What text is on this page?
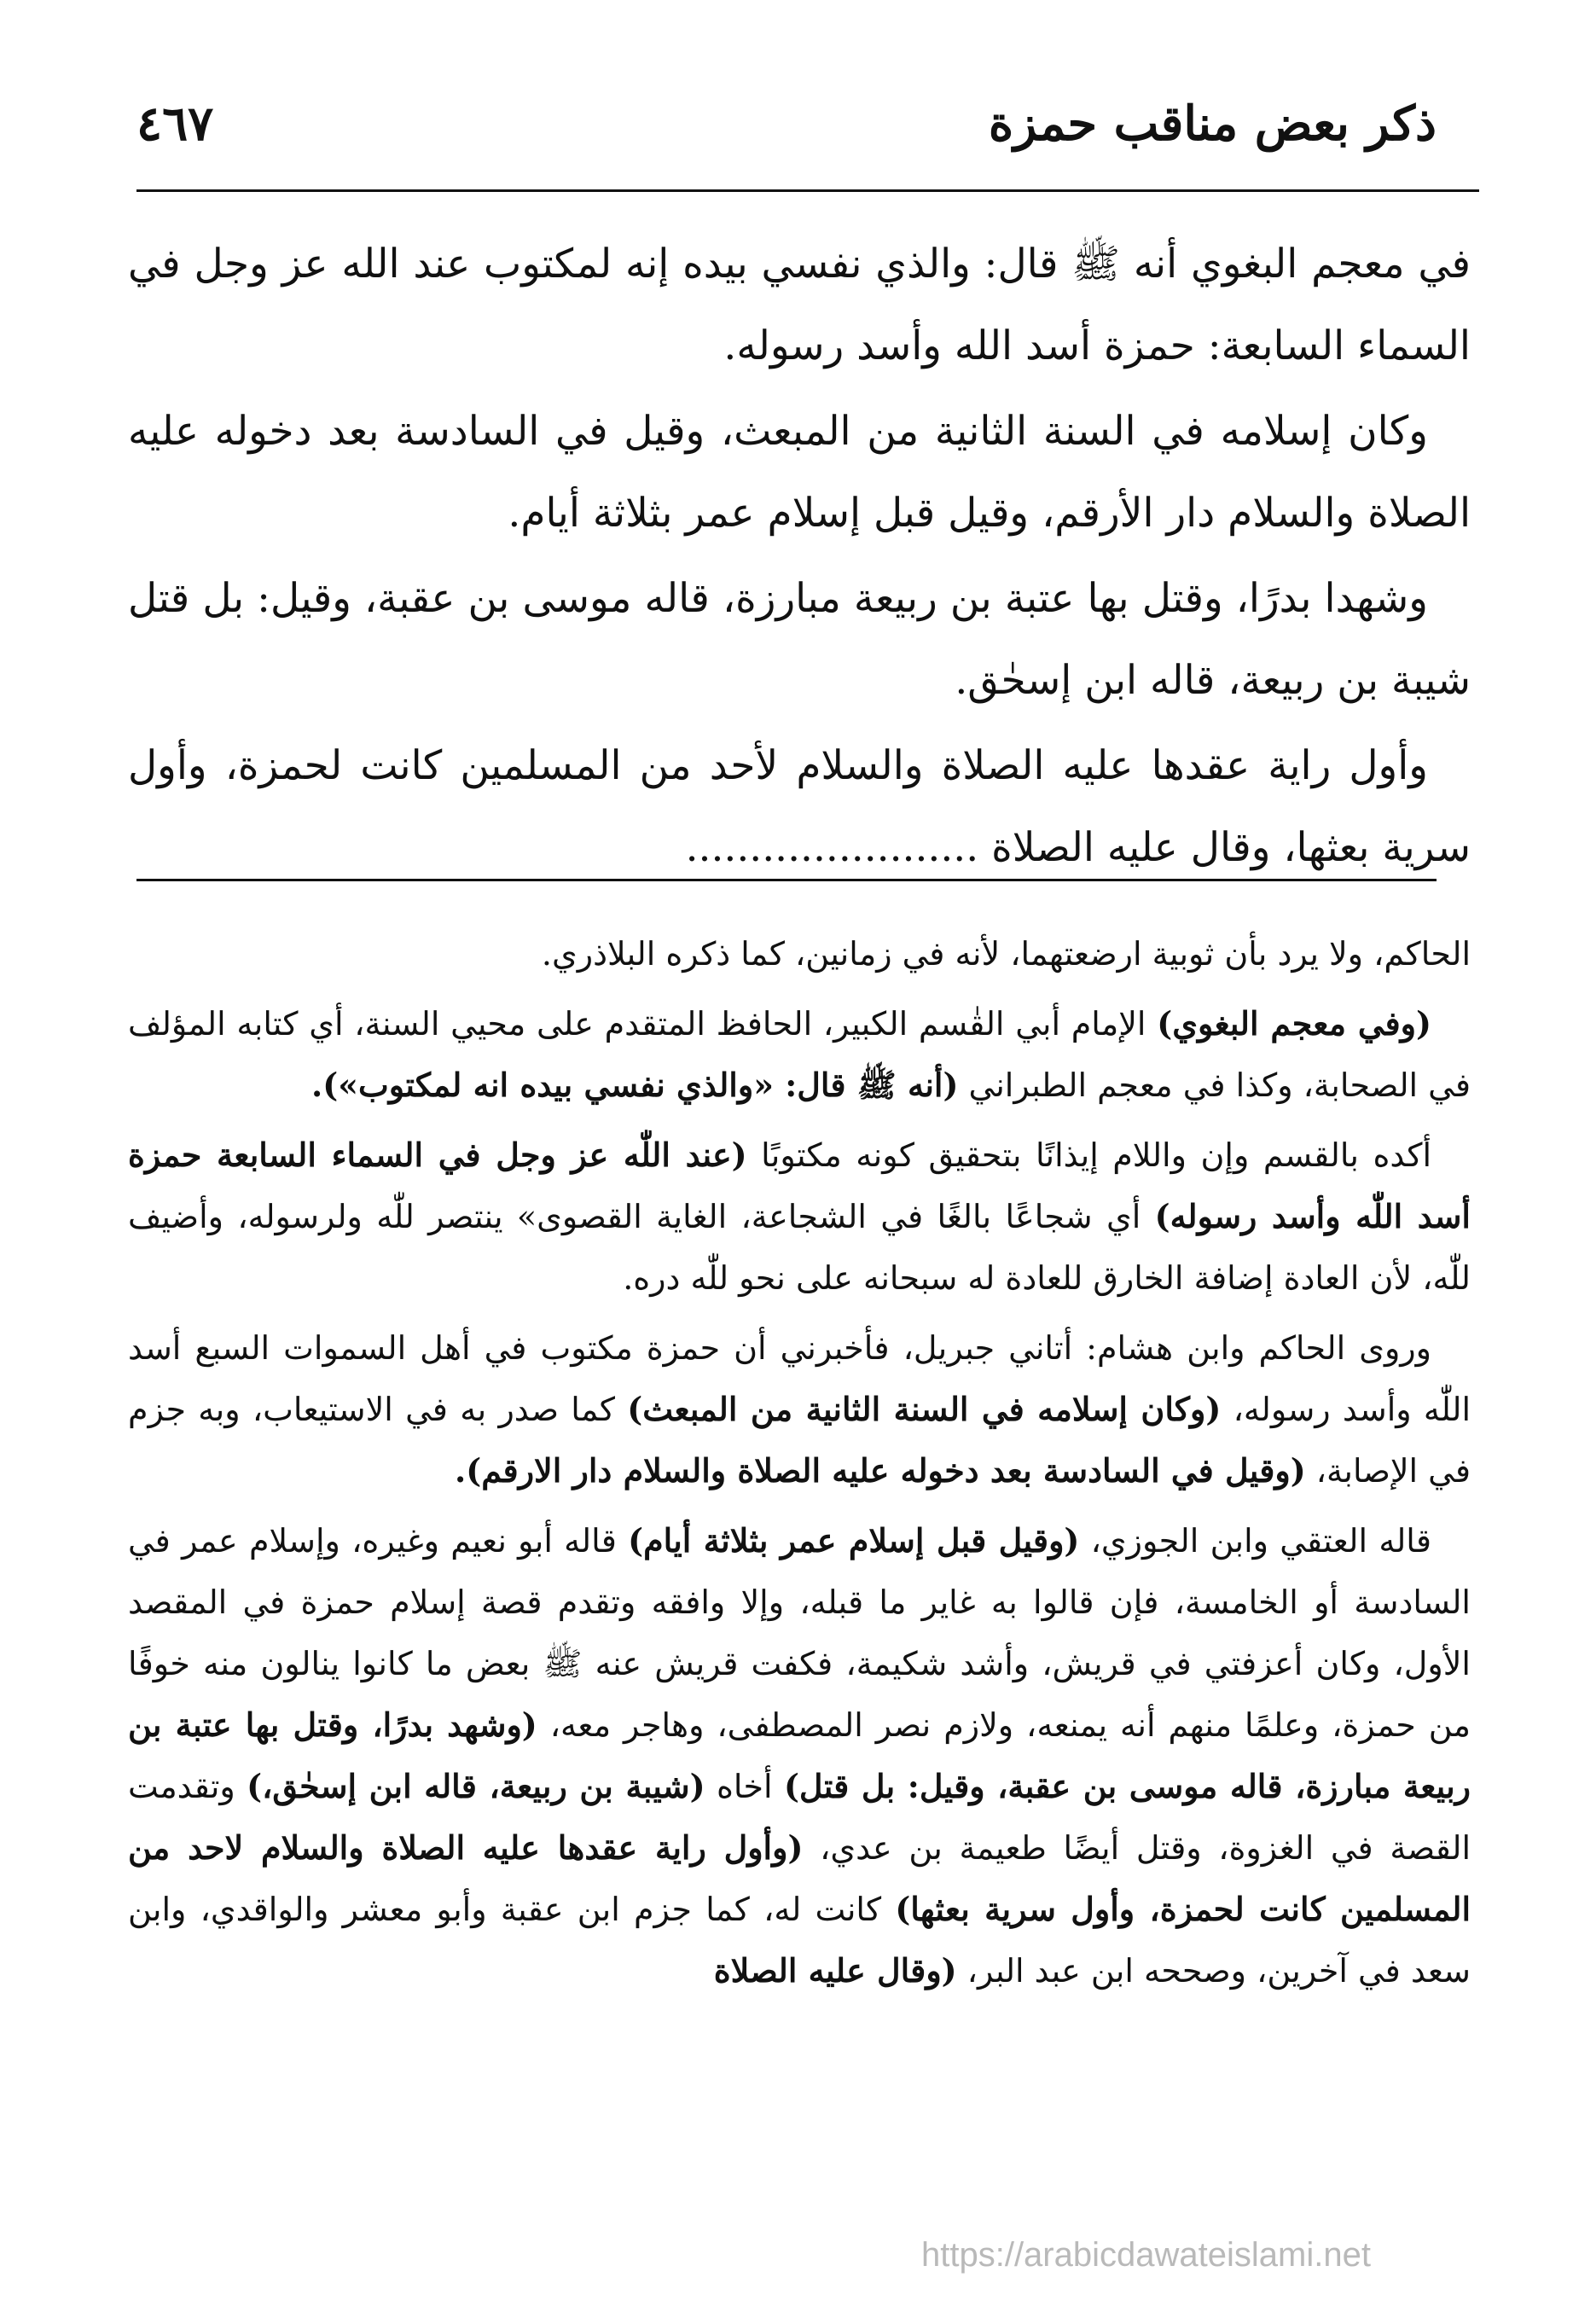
ذكر بعض مناقب حمزة
٤٦٧

في معجم البغوي أنه ﷺ قال: والذي نفسي بيده إنه لمكتوب عند الله عز وجل في السماء السابعة: حمزة أسد الله وأسد رسوله.

وكان إسلامه في السنة الثانية من المبعث، وقيل في السادسة بعد دخوله عليه الصلاة والسلام دار الأرقم، وقيل قبل إسلام عمر بثلاثة أيام.

وشهدا بدرًا، وقتل بها عتبة بن ربيعة مبارزة، قاله موسى بن عقبة، وقيل: بل قتل شيبة بن ربيعة، قاله ابن إسحٰق.

وأول راية عقدها عليه الصلاة والسلام لأحد من المسلمين كانت لحمزة، وأول سرية بعثها، وقال عليه الصلاة .......................

الحاكم، ولا يرد بأن ثوبية ارضعتهما، لأنه في زمانين، كما ذكره البلاذري.

(وفي معجم البغوي) الإمام أبي القٰسم الكبير، الحافظ المتقدم على محيي السنة، أي كتابه المؤلف في الصحابة، وكذا في معجم الطبراني (أنه ﷺ قال: «والذي نفسي بيده انه لمكتوب»).

أكده بالقسم وإن واللام إيذانًا بتحقيق كونه مكتوبًا (عند اللّٰه عز وجل في السماء السابعة حمزة أسد اللّٰه وأسد رسوله) أي شجاعًا بالغًا في الشجاعة، الغاية القصوى» ينتصر للّٰه ولرسوله، وأضيف للّٰه، لأن العادة إضافة الخارق للعادة له سبحانه على نحو للّٰه دره.

وروى الحاكم وابن هشام: أتاني جبريل، فأخبرني أن حمزة مكتوب في أهل السموات السبع أسد اللّٰه وأسد رسوله، (وكان إسلامه في السنة الثانية من المبعث) كما صدر به في الاستيعاب، وبه جزم في الإصابة، (وقيل في السادسة بعد دخوله عليه الصلاة والسلام دار الارقم).

قاله العتقي وابن الجوزي، (وقيل قبل إسلام عمر بثلاثة أيام) قاله أبو نعيم وغيره، وإسلام عمر في السادسة أو الخامسة، فإن قالوا به غاير ما قبله، وإلا وافقه وتقدم قصة إسلام حمزة في المقصد الأول، وكان أعزفتي في قريش، وأشد شكيمة، فكفت قريش عنه ﷺ بعض ما كانوا ينالون منه خوفًا من حمزة، وعلمًا منهم أنه يمنعه، ولازم نصر المصطفى، وهاجر معه، (وشهد بدرًا، وقتل بها عتبة بن ربيعة مبارزة، قاله موسى بن عقبة، وقيل: بل قتل) أخاه (شيبة بن ربيعة، قاله ابن إسحٰق،) وتقدمت القصة في الغزوة، وقتل أيضًا طعيمة بن عدي، (وأول راية عقدها عليه الصلاة والسلام لاحد من المسلمين كانت لحمزة، وأول سرية بعثها) كانت له، كما جزم ابن عقبة وأبو معشر والواقدي، وابن سعد في آخرين، وصححه ابن عبد البر، (وقال عليه الصلاة

https://arabicdawateislami.net
